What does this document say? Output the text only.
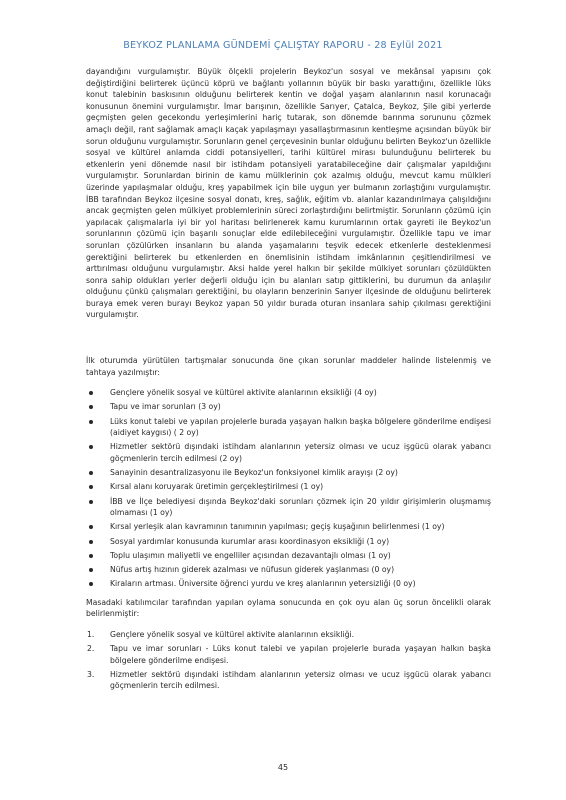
BEYKOZ PLANLAMA GÜNDEMİ ÇALIŞTAY RAPORU - 28 Eylül 2021

dayandığını vurgulamıştır. Büyük ölçekli projelerin Beykoz'un sosyal ve mekânsal yapısını çok değiştirdiğini belirterek üçüncü köprü ve bağlantı yollarının büyük bir baskı yarattığını, özellikle lüks konut talebinin baskısının olduğunu belirterek kentin ve doğal yaşam alanlarının nasıl korunacağı konusunun önemini vurgulamıştır. İmar barışının, özellikle Sarıyer, Çatalca, Beykoz, Şile gibi yerlerde geçmişten gelen gecekondu yerleşimlerini hariç tutarak, son dönemde barınma sorununu çözmek amaçlı değil, rant sağlamak amaçlı kaçak yapılaşmayı yasallaştırmasının kentleşme açısından büyük bir sorun olduğunu vurgulamıştır. Sorunların genel çerçevesinin bunlar olduğunu belirten Beykoz'un özellikle sosyal ve kültürel anlamda ciddi potansiyelleri, tarihi kültürel mirası bulunduğunu belirterek bu etkenlerin yeni dönemde nasıl bir istihdam potansiyeli yaratabileceğine dair çalışmalar yapıldığını vurgulamıştır. Sorunlardan birinin de kamu mülklerinin çok azalmış olduğu, mevcut kamu mülkleri üzerinde yapılaşmalar olduğu, kreş yapabilmek için bile uygun yer bulmanın zorlaştığını vurgulamıştır. İBB tarafından Beykoz ilçesine sosyal donatı, kreş, sağlık, eğitim vb. alanlar kazandırılmaya çalışıldığını ancak geçmişten gelen mülkiyet problemlerinin süreci zorlaştırdığını belirtmiştir. Sorunların çözümü için yapılacak çalışmalarla iyi bir yol haritası belirlenerek kamu kurumlarının ortak gayreti ile Beykoz'un sorunlarının çözümü için başarılı sonuçlar elde edilebileceğini vurgulamıştır. Özellikle tapu ve imar sorunları çözülürken insanların bu alanda yaşamalarını teşvik edecek etkenlerle desteklenmesi gerektiğini belirterek bu etkenlerden en önemlisinin istihdam imkânlarının çeşitlendirilmesi ve arttırılması olduğunu vurgulamıştır. Aksi halde yerel halkın bir şekilde mülkiyet sorunları çözüldükten sonra sahip oldukları yerler değerli olduğu için bu alanları satıp gittiklerini, bu durumun da anlaşılır olduğunu çünkü çalışmaları gerektiğini, bu olayların benzerinin Sarıyer ilçesinde de olduğunu belirterek buraya emek veren burayı Beykoz yapan 50 yıldır burada oturan insanlara sahip çıkılması gerektiğini vurgulamıştır.

İlk oturumda yürütülen tartışmalar sonucunda öne çıkan sorunlar maddeler halinde listelenmiş ve tahtaya yazılmıştır:

Gençlere yönelik sosyal ve kültürel aktivite alanlarının eksikliği (4 oy)
Tapu ve imar sorunları (3 oy)
Lüks konut talebi ve yapılan projelerle burada yaşayan halkın başka bölgelere gönderilme endişesi (aidiyet kaygısı) ( 2 oy)
Hizmetler sektörü dışındaki istihdam alanlarının yetersiz olması ve ucuz işgücü olarak yabancı göçmenlerin tercih edilmesi (2 oy)
Sanayinin desantralizasyonu ile Beykoz'un fonksiyonel kimlik arayışı (2 oy)
Kırsal alanı koruyarak üretimin gerçekleştirilmesi (1 oy)
İBB ve İlçe belediyesi dışında Beykoz'daki sorunları çözmek için 20 yıldır girişimlerin oluşmamış olmaması (1 oy)
Kırsal yerleşik alan kavramının tanımının yapılması; geçiş kuşağının belirlenmesi (1 oy)
Sosyal yardımlar konusunda kurumlar arası koordinasyon eksikliği (1 oy)
Toplu ulaşımın maliyetli ve engelliler açısından dezavantajlı olması (1 oy)
Nüfus artış hızının giderek azalması ve nüfusun giderek yaşlanması (0 oy)
Kiraların artması. Üniversite öğrenci yurdu ve kreş alanlarının yetersizliği (0 oy)

Masadaki katılımcılar tarafından yapılan oylama sonucunda en çok oyu alan üç sorun öncelikli olarak belirlenmiştir:

1. Gençlere yönelik sosyal ve kültürel aktivite alanlarının eksikliği.
2. Tapu ve imar sorunları - Lüks konut talebi ve yapılan projelerle burada yaşayan halkın başka bölgelere gönderilme endişesi.
3. Hizmetler sektörü dışındaki istihdam alanlarının yetersiz olması ve ucuz işgücü olarak yabancı göçmenlerin tercih edilmesi.
45
